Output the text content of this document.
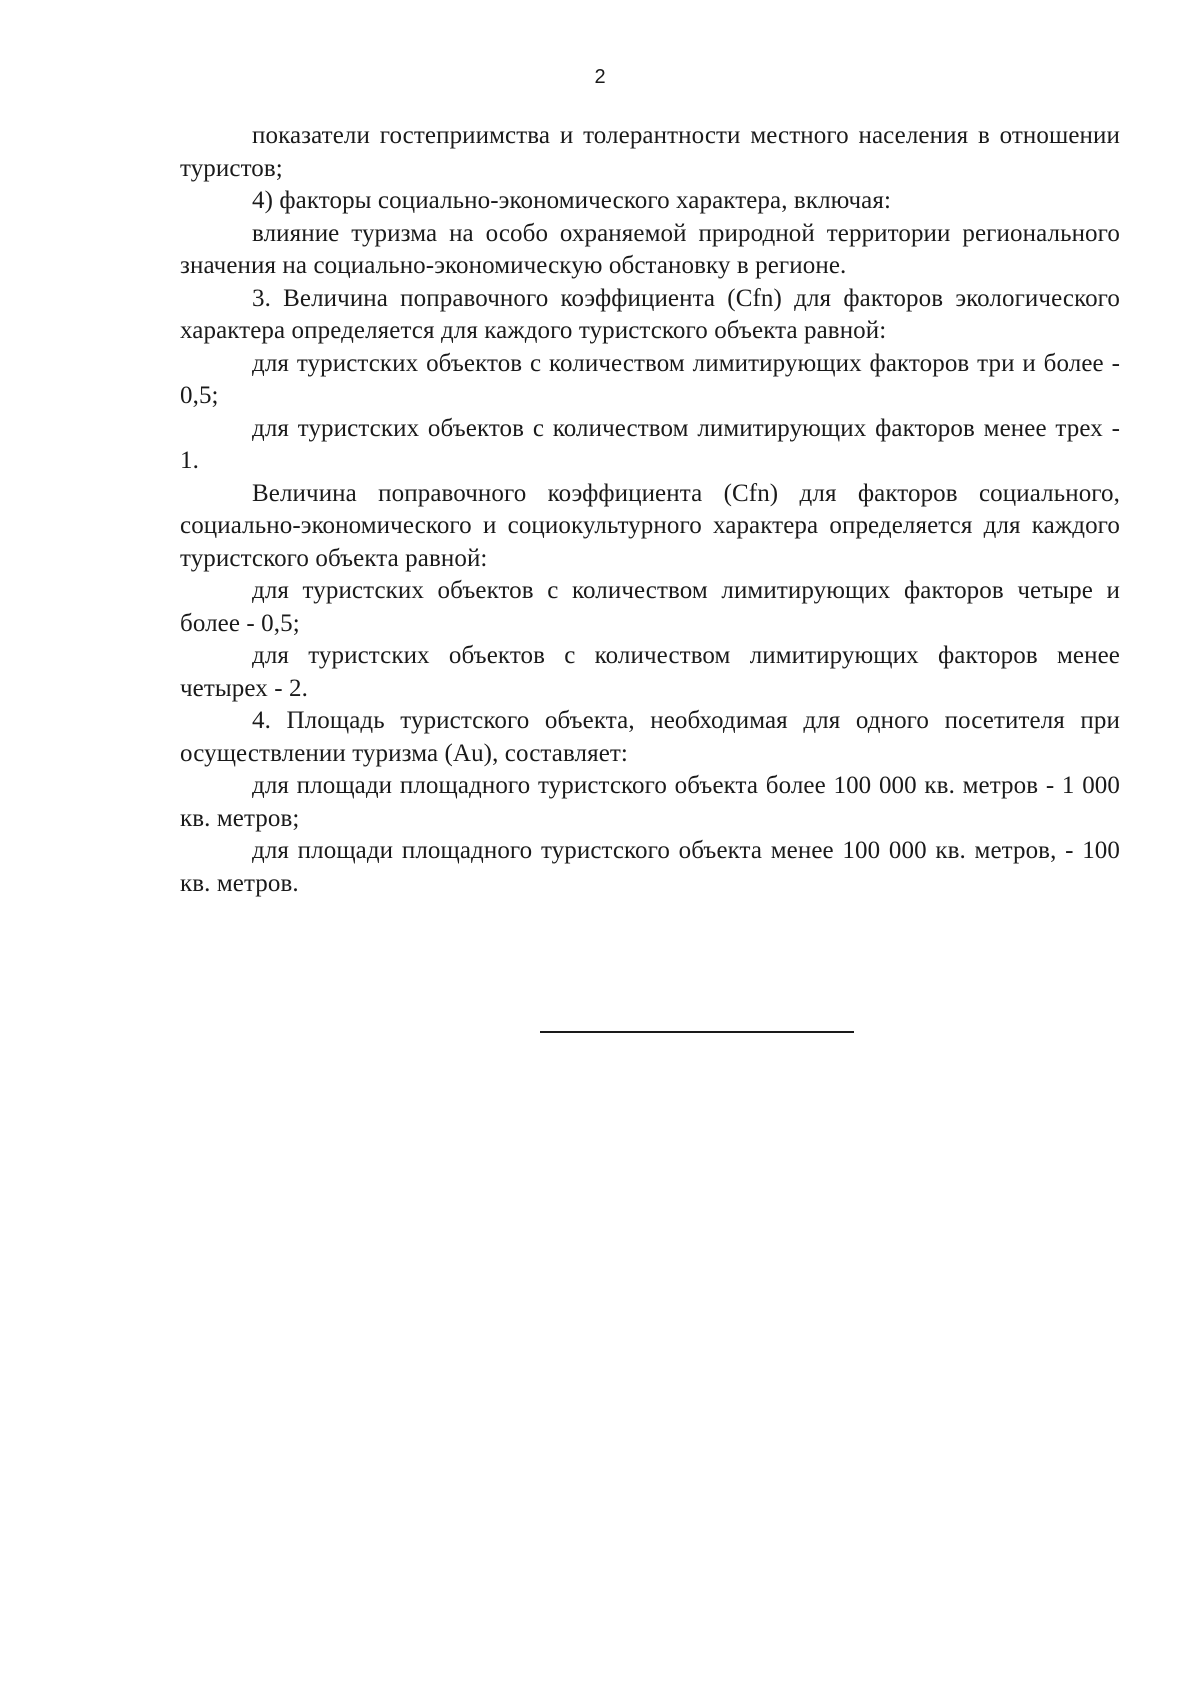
2

показатели гостеприимства и толерантности местного населения в отношении туристов;

4) факторы социально-экономического характера, включая:

влияние туризма на особо охраняемой природной территории регионального значения на социально-экономическую обстановку в регионе.

3. Величина поправочного коэффициента (Cfn) для факторов экологического характера определяется для каждого туристского объекта равной:

для туристских объектов с количеством лимитирующих факторов три и более - 0,5;

для туристских объектов с количеством лимитирующих факторов менее трех - 1.

Величина поправочного коэффициента (Cfn) для факторов социального, социально-экономического и социокультурного характера определяется для каждого туристского объекта равной:

для туристских объектов с количеством лимитирующих факторов четыре и более - 0,5;

для туристских объектов с количеством лимитирующих факторов менее четырех - 2.

4. Площадь туристского объекта, необходимая для одного посетителя при осуществлении туризма (Au), составляет:

для площади площадного туристского объекта более 100 000 кв. метров - 1 000 кв. метров;

для площади площадного туристского объекта менее 100 000 кв. метров, - 100 кв. метров.
